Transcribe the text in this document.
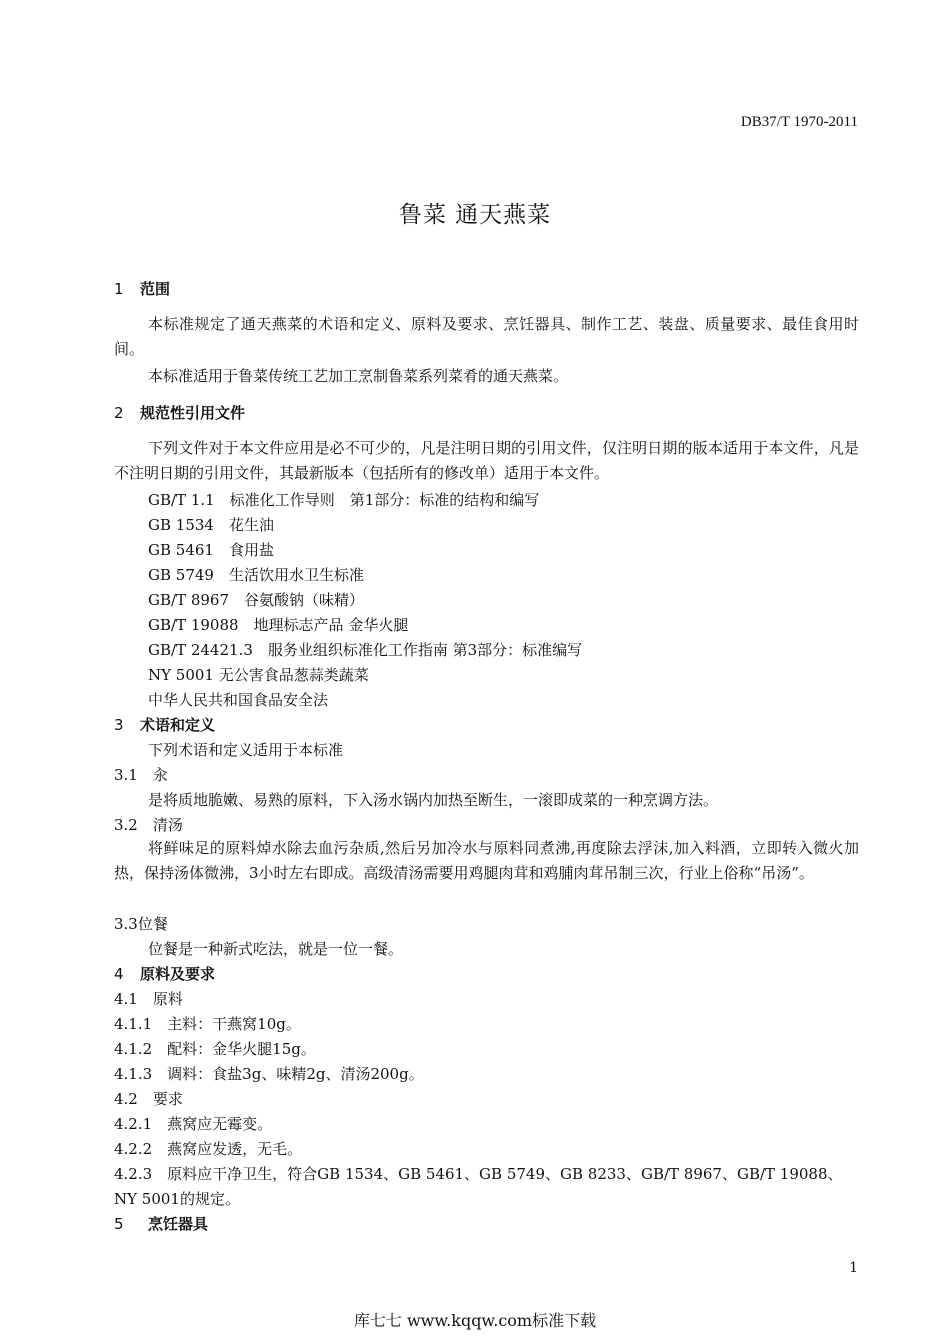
DB37/T 1970-2011
鲁菜 通天燕菜
1 范围
本标准规定了通天燕菜的术语和定义、原料及要求、烹饪器具、制作工艺、装盘、质量要求、最佳食用时间。
本标准适用于鲁菜传统工艺加工烹制鲁菜系列菜肴的通天燕菜。
2 规范性引用文件
下列文件对于本文件应用是必不可少的，凡是注明日期的引用文件，仅注明日期的版本适用于本文件，凡是不注明日期的引用文件，其最新版本（包括所有的修改单）适用于本文件。
GB/T 1.1　标准化工作导则　第1部分：标准的结构和编写
GB 1534　花生油
GB 5461　食用盐
GB 5749　生活饮用水卫生标准
GB/T 8967　谷氨酸钠（味精）
GB/T 19088　地理标志产品 金华火腿
GB/T 24421.3　服务业组织标准化工作指南 第3部分：标准编写
NY 5001 无公害食品葱蒜类蔬菜
中华人民共和国食品安全法
3 术语和定义
下列术语和定义适用于本标准
3.1　汆
是将质地脆嫩、易熟的原料，下入汤水锅内加热至断生，一滚即成菜的一种烹调方法。
3.2　清汤
将鲜味足的原料焯水除去血污杂质,然后另加冷水与原料同煮沸,再度除去浮沫,加入料酒，立即转入微火加热，保持汤体微沸，3小时左右即成。高级清汤需要用鸡腿肉茸和鸡脯肉茸吊制三次，行业上俗称“吊汤”。
3.3位餐
位餐是一种新式吃法，就是一位一餐。
4 原料及要求
4.1　原料
4.1.1　主料：干燕窝10g。
4.1.2　配料：金华火腿15g。
4.1.3　调料：食盐3g、味精2g、清汤200g。
4.2　要求
4.2.1　燕窝应无霉变。
4.2.2　燕窝应发透，无毛。
4.2.3　原料应干净卫生，符合GB 1534、GB 5461、GB 5749、GB 8233、GB/T 8967、GB/T 19088、
NY 5001的规定。
5 烹饪器具
1
库七七 www.kqqw.com标准下载
